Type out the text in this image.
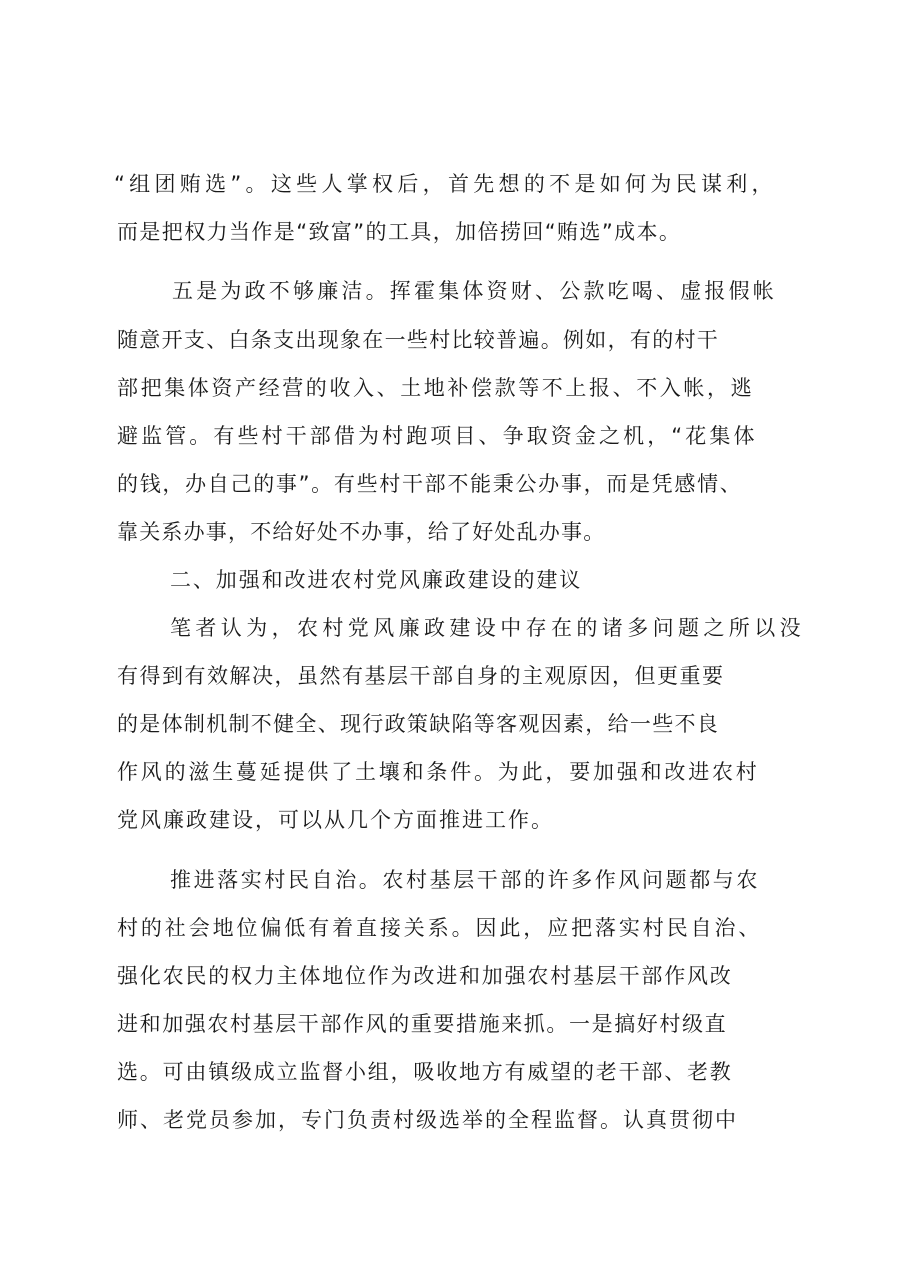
“组团贿选”。这些人掌权后，首先想的不是如何为民谋利，
而是把权力当作是“致富”的工具，加倍捞回“贿选”成本。
五是为政不够廉洁。挥霍集体资财、公款吃喝、虚报假帐
随意开支、白条支出现象在一些村比较普遍。例如，有的村干
部把集体资产经营的收入、土地补偿款等不上报、不入帐，逃
避监管。有些村干部借为村跑项目、争取资金之机，“花集体
的钱，办自己的事”。有些村干部不能秉公办事，而是凭感情、
靠关系办事，不给好处不办事，给了好处乱办事。
二、加强和改进农村党风廉政建设的建议
笔者认为，农村党风廉政建设中存在的诸多问题之所以没
有得到有效解决，虽然有基层干部自身的主观原因，但更重要
的是体制机制不健全、现行政策缺陷等客观因素，给一些不良
作风的滋生蔓延提供了土壤和条件。为此，要加强和改进农村
党风廉政建设，可以从几个方面推进工作。
推进落实村民自治。农村基层干部的许多作风问题都与农
村的社会地位偏低有着直接关系。因此，应把落实村民自治、
强化农民的权力主体地位作为改进和加强农村基层干部作风改
进和加强农村基层干部作风的重要措施来抓。一是搞好村级直
选。可由镇级成立监督小组，吸收地方有威望的老干部、老教
师、老党员参加，专门负责村级选举的全程监督。认真贯彻中
